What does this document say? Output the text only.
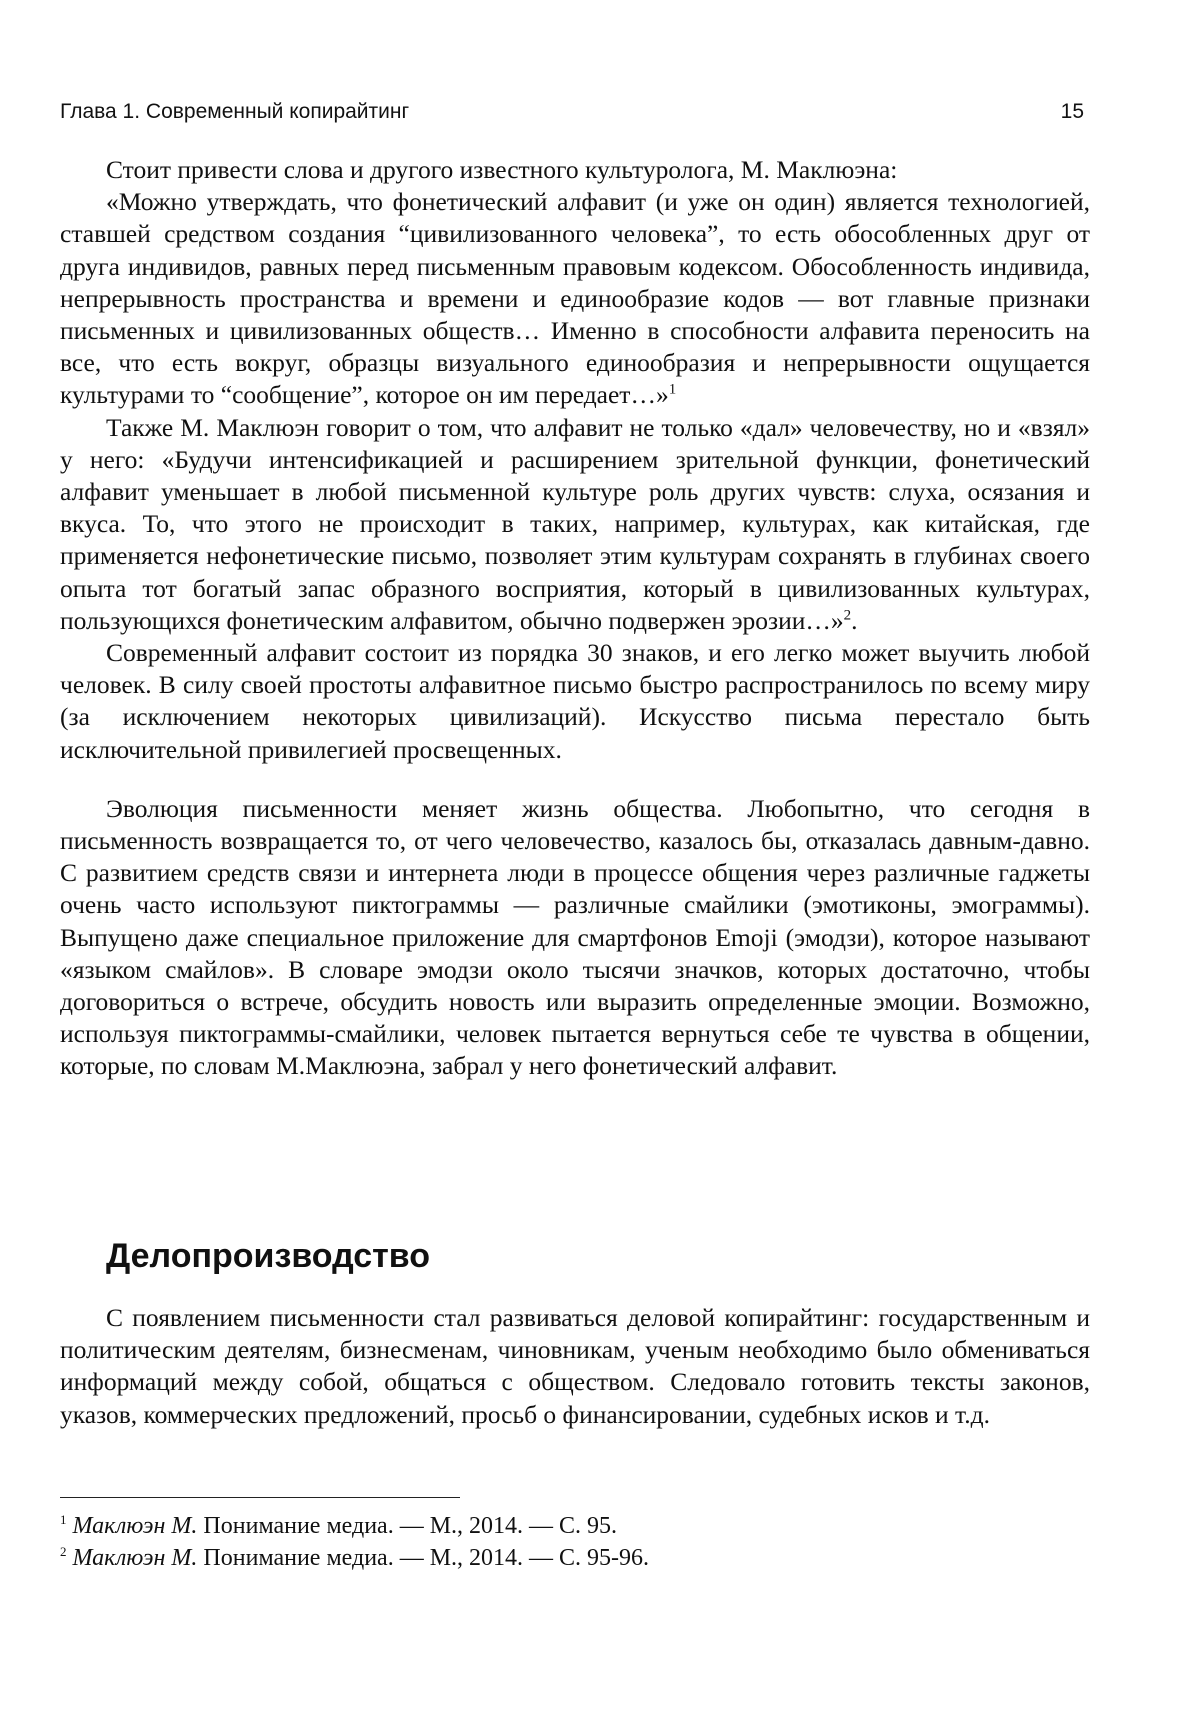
Глава 1. Современный копирайтинг	15

Стоит привести слова и другого известного культуролога, М. Маклюэна:

«Можно утверждать, что фонетический алфавит (и уже он один) является технологией, ставшей средством создания “цивилизованного человека”, то есть обособленных друг от друга индивидов, равных перед письменным правовым кодексом. Обособленность индивида, непрерывность пространства и времени и единообразие кодов — вот главные признаки письменных и цивилизованных обществ… Именно в способности алфавита переносить на все, что есть вокруг, образцы визуального единообразия и непрерывности ощущается культурами то “сообщение”, которое он им передает…»$^1$

Также М. Маклюэн говорит о том, что алфавит не только «дал» человечеству, но и «взял» у него: «Будучи интенсификацией и расширением зрительной функции, фонетический алфавит уменьшает в любой письменной культуре роль других чувств: слуха, осязания и вкуса. То, что этого не происходит в таких, например, культурах, как китайская, где применяется нефонетические письмо, позволяет этим культурам сохранять в глубинах своего опыта тот богатый запас образного восприятия, который в цивилизованных культурах, пользующихся фонетическим алфавитом, обычно подвержен эрозии…»$^2$.

Современный алфавит состоит из порядка 30 знаков, и его легко может выучить любой человек. В силу своей простоты алфавитное письмо быстро распространилось по всему миру (за исключением некоторых цивилизаций). Искусство письма перестало быть исключительной привилегией просвещенных.

Эволюция письменности меняет жизнь общества. Любопытно, что сегодня в письменность возвращается то, от чего человечество, казалось бы, отказалась давным-давно. С развитием средств связи и интернета люди в процессе общения через различные гаджеты очень часто используют пиктограммы — различные смайлики (эмотиконы, эмограммы). Выпущено даже специальное приложение для смартфонов Emoji (эмодзи), которое называют «языком смайлов». В словаре эмодзи около тысячи значков, которых достаточно, чтобы договориться о встрече, обсудить новость или выразить определенные эмоции. Возможно, используя пиктограммы-смайлики, человек пытается вернуться себе те чувства в общении, которые, по словам М.Маклюэна, забрал у него фонетический алфавит.

Делопроизводство

С появлением письменности стал развиваться деловой копирайтинг: государственным и политическим деятелям, бизнесменам, чиновникам, ученым необходимо было обмениваться информаций между собой, общаться с обществом. Следовало готовить тексты законов, указов, коммерческих предложений, просьб о финансировании, судебных исков и т.д.

$^1$ Маклюэн М. Понимание медиа. — М., 2014. — С. 95.
$^2$ Маклюэн М. Понимание медиа. — М., 2014. — С. 95-96.
